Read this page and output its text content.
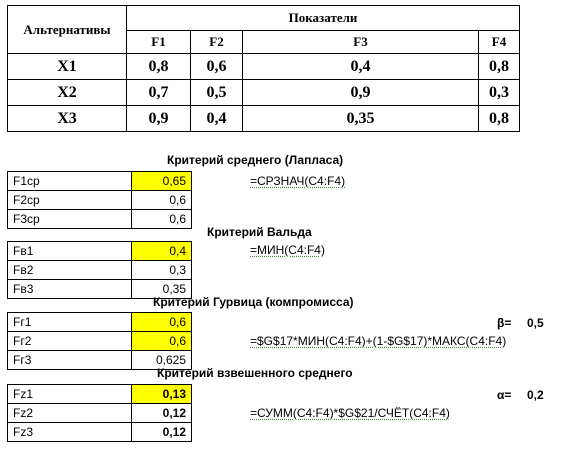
Альтернативы	Показатели			
	F1	F2	F3	F4
X1	0,8	0,6	0,4	0,8
X2	0,7	0,5	0,9	0,3
X3	0,9	0,4	0,35	0,8
Критерий среднего (Лапласа)
F1ср	0,65
F2ср	0,6
F3ср	0,6
=СРЗНАЧ(C4:F4)
Критерий Вальда
Fв1	0,4
Fв2	0,3
Fв3	0,35
=МИН(C4:F4)
Критерий Гурвица (компромисса)
Fг1	0,6
Fг2	0,6
Fг3	0,625
β= 0,5
=$G$17*МИН(C4:F4)+(1-$G$17)*МАКС(C4:F4)
Критерий взвешенного среднего
Fz1	0,13
Fz2	0,12
Fz3	0,12
α= 0,2
=СУММ(C4:F4)*$G$21/СЧЁТ(C4:F4)
